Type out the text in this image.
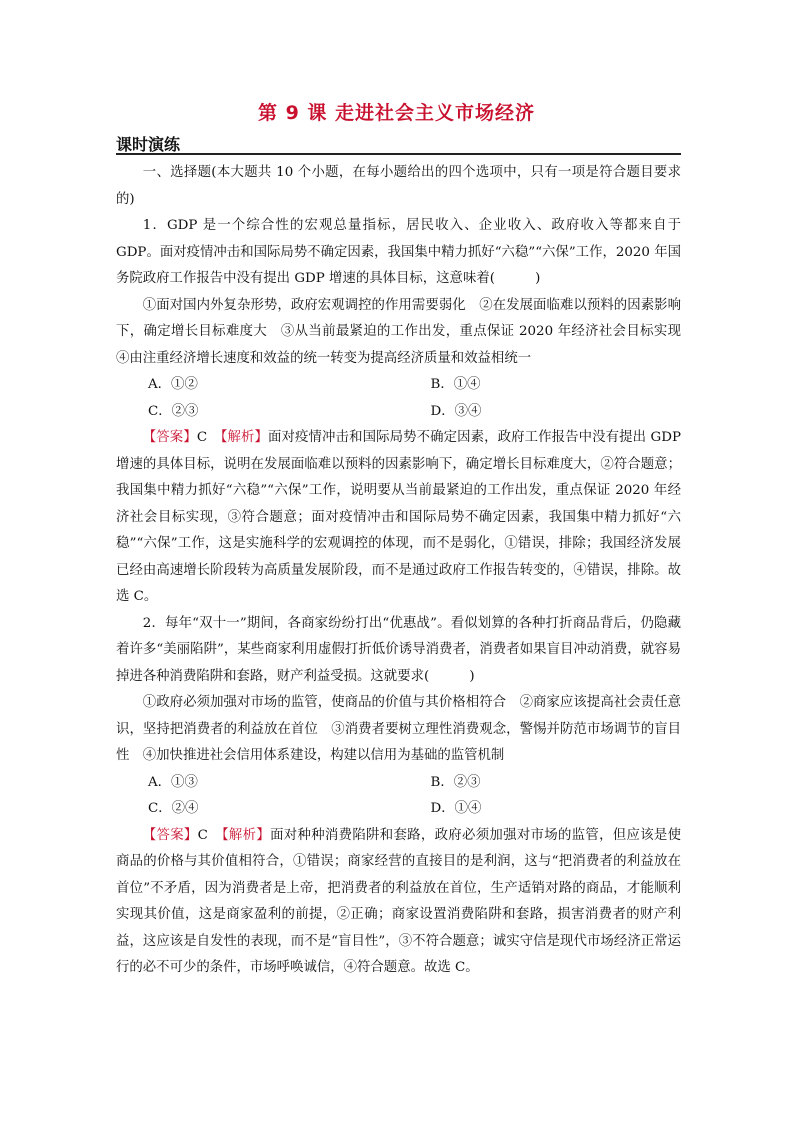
第 9 课 走进社会主义市场经济
课时演练

一、选择题(本大题共 10 个小题，在每小题给出的四个选项中，只有一项是符合题目要求的)

1．GDP 是一个综合性的宏观总量指标，居民收入、企业收入、政府收入等都来自于 GDP。面对疫情冲击和国际局势不确定因素，我国集中精力抓好“六稳”“六保”工作，2020 年国务院政府工作报告中没有提出 GDP 增速的具体目标，这意味着(	)

①面对国内外复杂形势，政府宏观调控的作用需要弱化　②在发展面临难以预料的因素影响下，确定增长目标难度大　③从当前最紧迫的工作出发，重点保证 2020 年经济社会目标实现　④由注重经济增长速度和效益的统一转变为提高经济质量和效益相统一

A．①②	B．①④
C．②③	D．③④

【答案】C　 【解析】面对疫情冲击和国际局势不确定因素，政府工作报告中没有提出 GDP 增速的具体目标，说明在发展面临难以预料的因素影响下，确定增长目标难度大，②符合题意；我国集中精力抓好“六稳”“六保”工作，说明要从当前最紧迫的工作出发，重点保证 2020 年经济社会目标实现，③符合题意；面对疫情冲击和国际局势不确定因素，我国集中精力抓好“六稳”“六保”工作，这是实施科学的宏观调控的体现，而不是弱化，①错误，排除；我国经济发展已经由高速增长阶段转为高质量发展阶段，而不是通过政府工作报告转变的，④错误，排除。故选 C。

2．每年“双十一”期间，各商家纷纷打出“优惠战”。看似划算的各种打折商品背后，仍隐藏着许多“美丽陷阱”，某些商家利用虚假打折低价诱导消费者，消费者如果盲目冲动消费，就容易掉进各种消费陷阱和套路，财产利益受损。这就要求(	)

①政府必须加强对市场的监管，使商品的价值与其价格相符合　②商家应该提高社会责任意识，坚持把消费者的利益放在首位　③消费者要树立理性消费观念，警惕并防范市场调节的盲目性　④加快推进社会信用体系建设，构建以信用为基础的监管机制

A．①③	B．②③
C．②④	D．①④

【答案】C　 【解析】面对种种消费陷阱和套路，政府必须加强对市场的监管，但应该是使商品的价格与其价值相符合，①错误；商家经营的直接目的是利润，这与“把消费者的利益放在首位”不矛盾，因为消费者是上帝，把消费者的利益放在首位，生产适销对路的商品，才能顺利实现其价值，这是商家盈利的前提，②正确；商家设置消费陷阱和套路，损害消费者的财产利益，这应该是自发性的表现，而不是“盲目性”，③不符合题意；诚实守信是现代市场经济正常运行的必不可少的条件，市场呼唤诚信，④符合题意。故选 C。
